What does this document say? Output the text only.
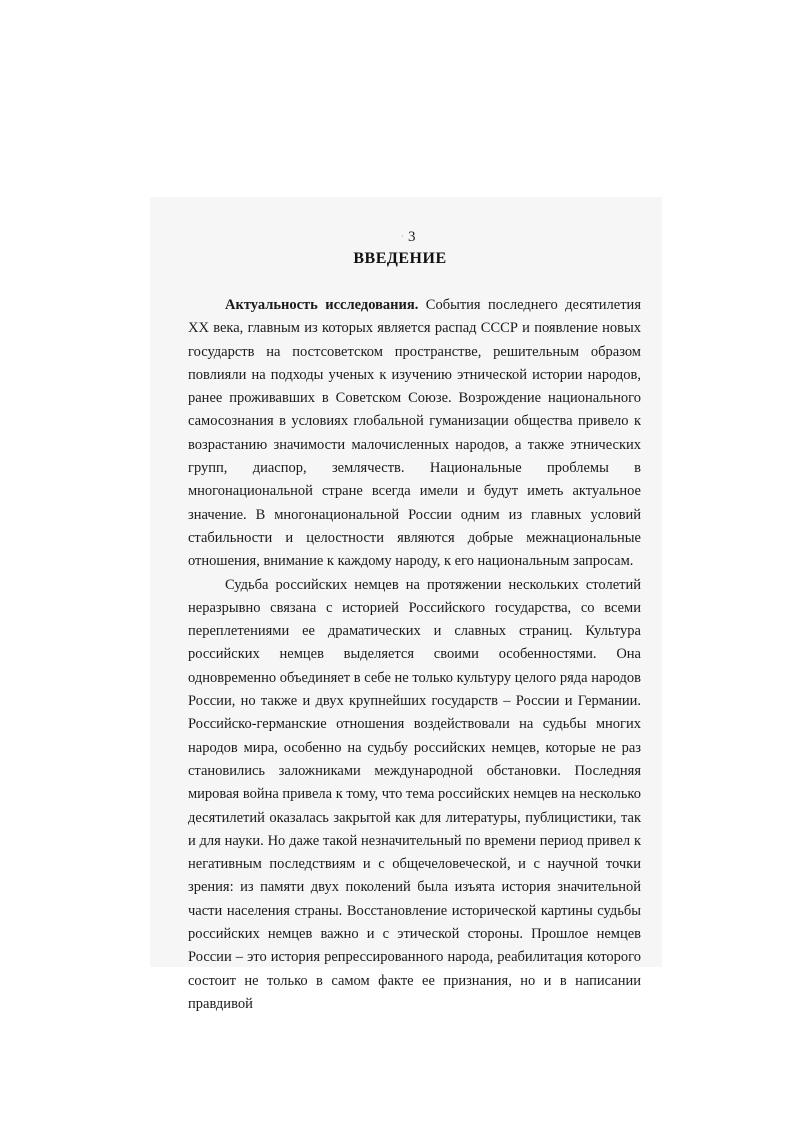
· 3
ВВЕДЕНИЕ

Актуальность исследования. События последнего десятилетия XX века, главным из которых является распад СССР и появление новых государств на постсоветском пространстве, решительным образом повлияли на подходы ученых к изучению этнической истории народов, ранее проживавших в Советском Союзе. Возрождение национального самосознания в условиях глобальной гуманизации общества привело к возрастанию значимости малочисленных народов, а также этнических групп, диаспор, землячеств. Национальные проблемы в многонациональной стране всегда имели и будут иметь актуальное значение. В многонациональной России одним из главных условий стабильности и целостности являются добрые межнациональные отношения, внимание к каждому народу, к его национальным запросам.

Судьба российских немцев на протяжении нескольких столетий неразрывно связана с историей Российского государства, со всеми переплетениями ее драматических и славных страниц. Культура российских немцев выделяется своими особенностями. Она одновременно объединяет в себе не только культуру целого ряда народов России, но также и двух крупнейших государств – России и Германии. Российско-германские отношения воздействовали на судьбы многих народов мира, особенно на судьбу российских немцев, которые не раз становились заложниками международной обстановки. Последняя мировая война привела к тому, что тема российских немцев на несколько десятилетий оказалась закрытой как для литературы, публицистики, так и для науки. Но даже такой незначительный по времени период привел к негативным последствиям и с общечеловеческой, и с научной точки зрения: из памяти двух поколений была изъята история значительной части населения страны. Восстановление исторической картины судьбы российских немцев важно и с этической стороны. Прошлое немцев России – это история репрессированного народа, реабилитация которого состоит не только в самом факте ее признания, но и в написании правдивой
